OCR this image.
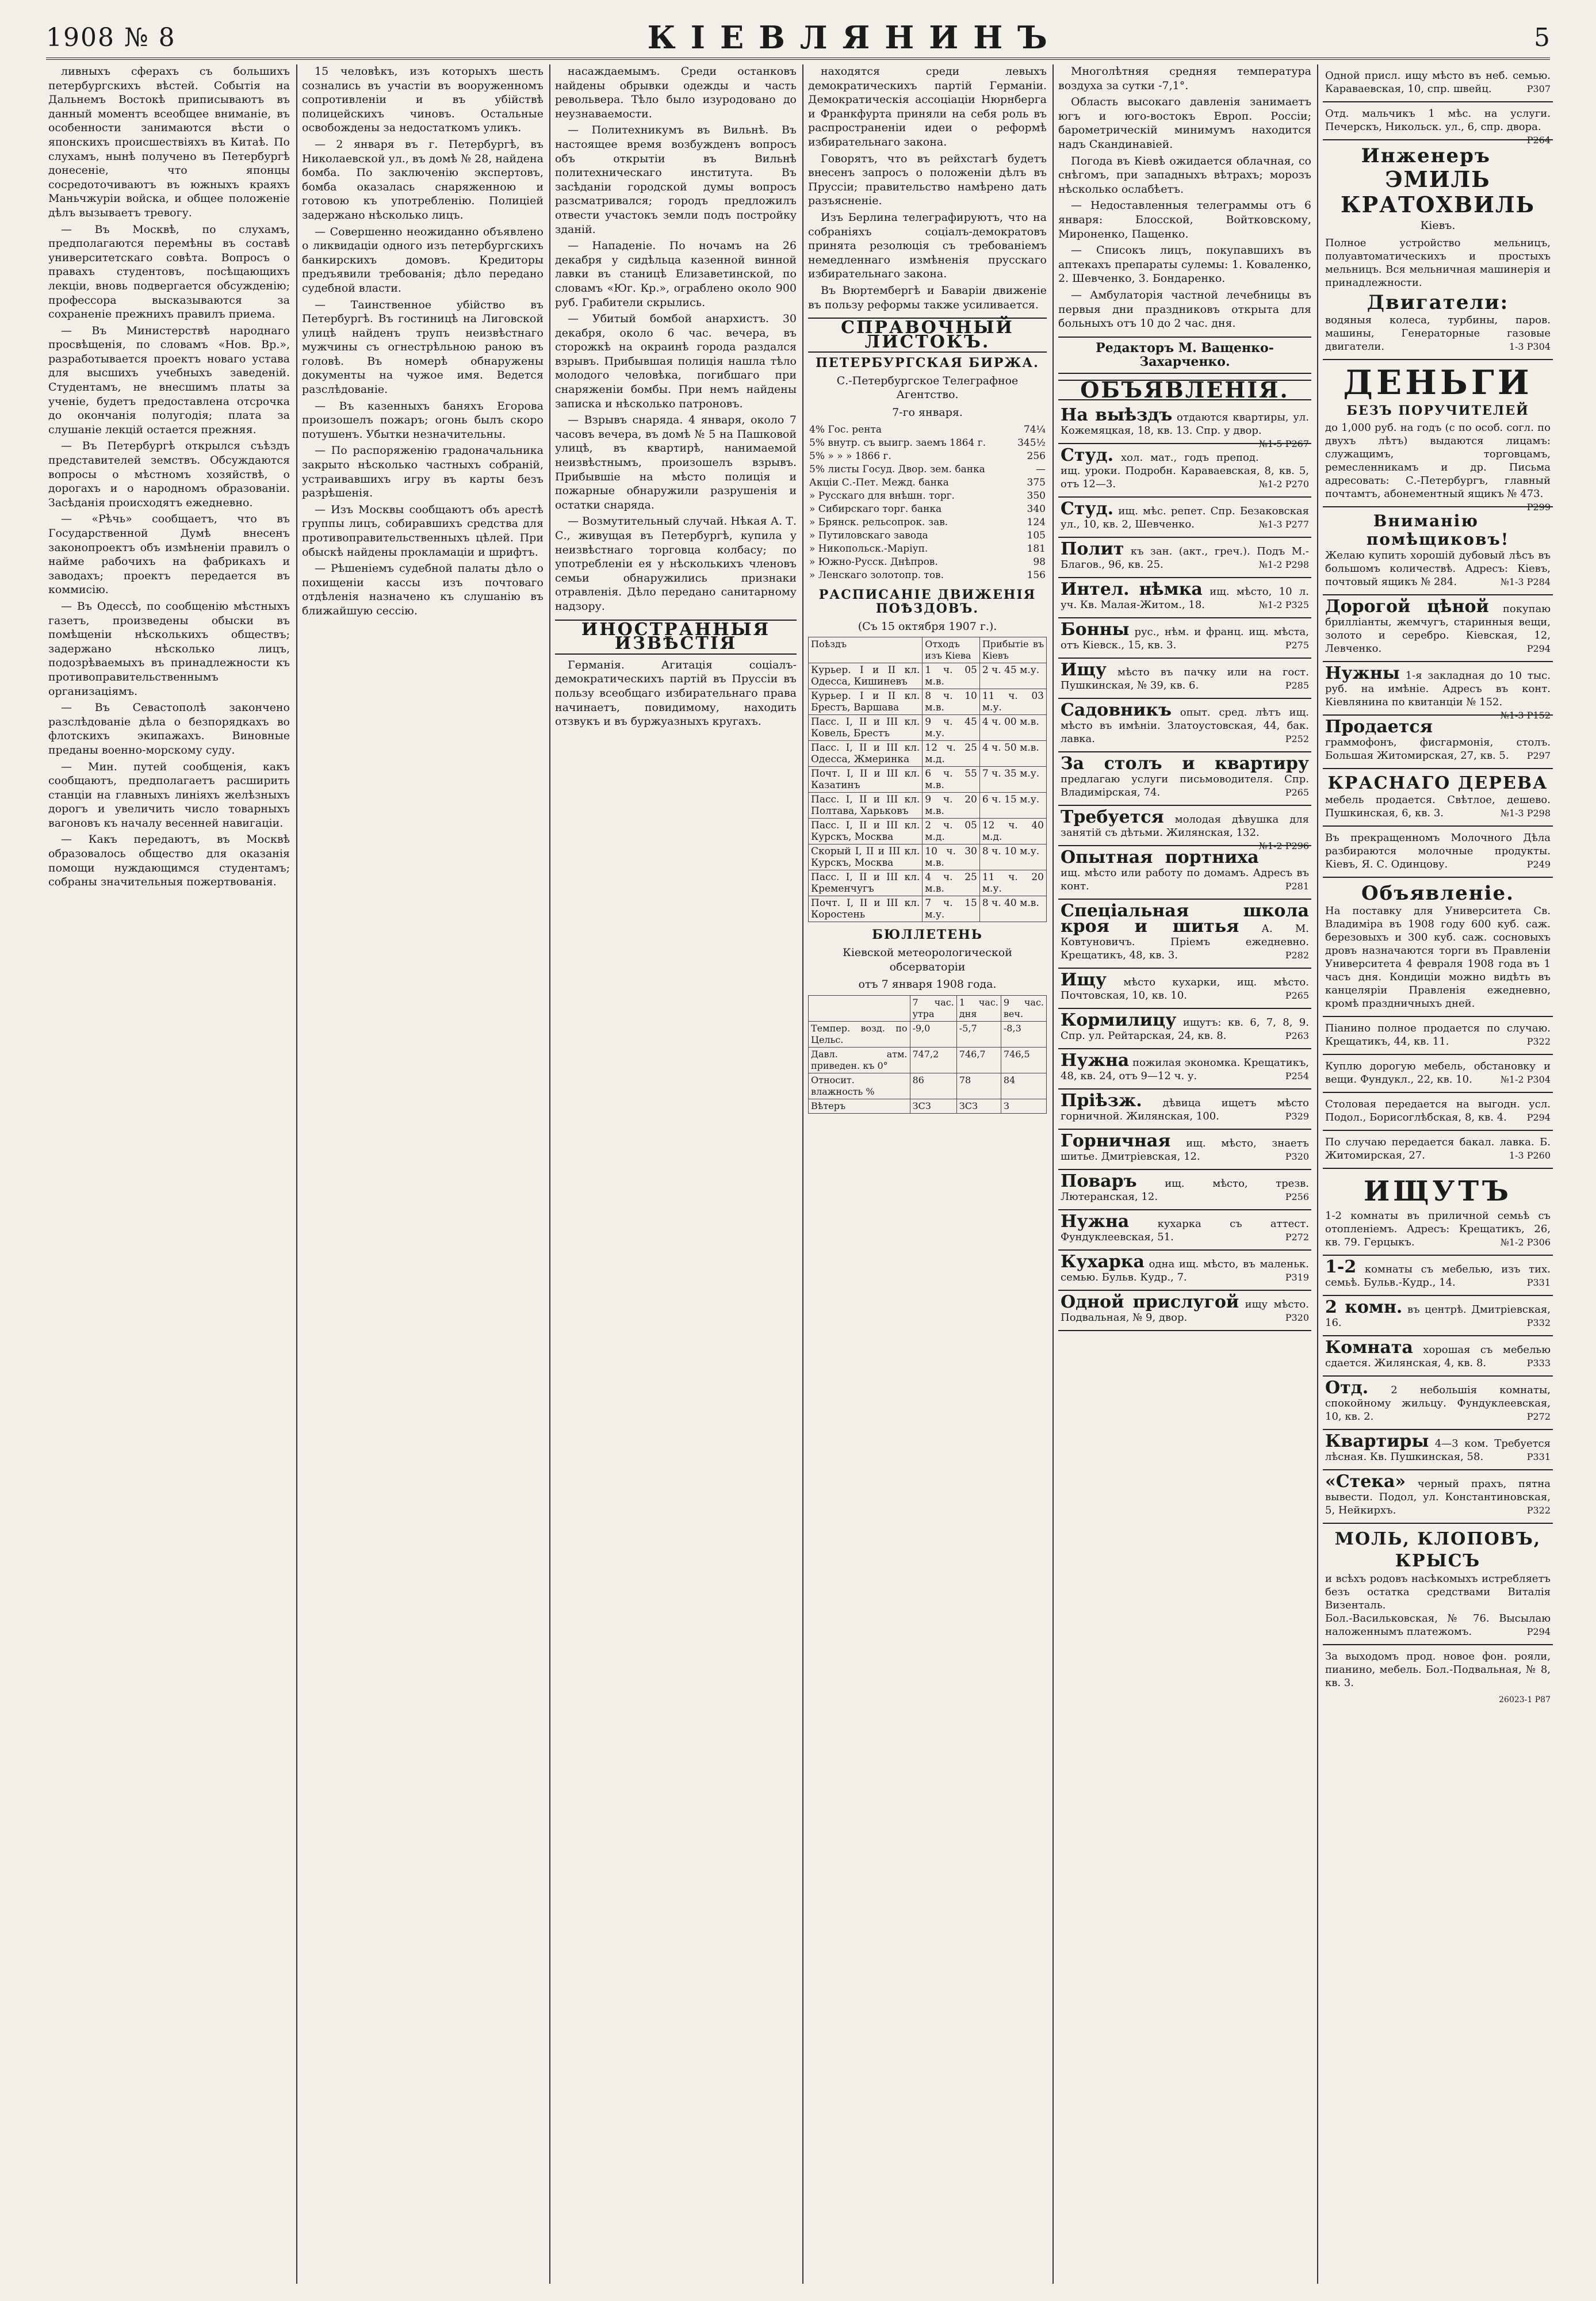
1908 № 8	КІЕВЛЯНИНЪ	5

ливныхъ сферахъ съ большихъ петербургскихъ вѣстей. Событія на Дальнемъ Востокѣ приписываютъ въ данный моментъ всеобщее вниманіе, въ особенности занимаются вѣсти о японскихъ происшествіяхъ въ Китаѣ. По слухамъ, нынѣ получено въ Петербургѣ донесеніе, что японцы сосредоточиваютъ въ южныхъ краяхъ Маньчжуріи войска, и общее положеніе дѣлъ вызываетъ тревогу.

— Въ Москвѣ, по слухамъ, предполагаются перемѣны въ составѣ университетскаго совѣта. Вопросъ о правахъ студентовъ, посѣщающихъ лекціи, вновь подвергается обсужденію; профессора высказываются за сохраненіе прежнихъ правилъ приема.

— Въ Министерствѣ народнаго просвѣщенія, по словамъ «Нов. Вр.», разработывается проектъ новаго устава для высшихъ учебныхъ заведеній. Студентамъ, не внесшимъ платы за ученіе, будетъ предоставлена отсрочка до окончанія полугодія; плата за слушаніе лекцій остается прежняя.

— Въ Петербургѣ открылся съѣздъ представителей земствъ. Обсуждаются вопросы о мѣстномъ хозяйствѣ, о дорогахъ и о народномъ образованіи. Засѣданія происходятъ ежедневно.

— «Рѣчь» сообщаетъ, что въ Государственной Думѣ внесенъ законопроектъ объ измѣненіи правилъ о найме рабочихъ на фабрикахъ и заводахъ; проектъ передается въ коммисію.

— Въ Одессѣ, по сообщенію мѣстныхъ газетъ, произведены обыски въ помѣщеніи нѣсколькихъ обществъ; задержано нѣсколько лицъ, подозрѣваемыхъ въ принадлежности къ противоправительственнымъ организаціямъ.

— Въ Севастополѣ закончено разслѣдованіе дѣла о безпорядкахъ во флотскихъ экипажахъ. Виновные преданы военно-морскому суду.

— Мин. путей сообщенія, какъ сообщаютъ, предполагаетъ расширить станціи на главныхъ линіяхъ желѣзныхъ дорогъ и увеличить число товарныхъ вагоновъ къ началу весенней навигаціи.

— Какъ передаютъ, въ Москвѣ образовалось общество для оказанія помощи нуждающимся студентамъ; собраны значительныя пожертвованія.

15 человѣкъ, изъ которыхъ шесть сознались въ участіи въ вооруженномъ сопротивленіи и въ убійствѣ полицейскихъ чиновъ. Остальные освобождены за недостаткомъ уликъ.

— 2 января въ г. Петербургѣ, въ Николаевской ул., въ домѣ № 28, найдена бомба. По заключенію экспертовъ, бомба оказалась снаряженною и готовою къ употребленію. Полиціей задержано нѣсколько лицъ.

— Совершенно неожиданно объявлено о ликвидаціи одного изъ петербургскихъ банкирскихъ домовъ. Кредиторы предъявили требованія; дѣло передано судебной власти.

— Таинственное убійство въ Петербургѣ. Въ гостиницѣ на Лиговской улицѣ найденъ трупъ неизвѣстнаго мужчины съ огнестрѣльною раною въ головѣ. Въ номерѣ обнаружены документы на чужое имя. Ведется разслѣдованіе.

— Въ казенныхъ баняхъ Егорова произошелъ пожаръ; огонь былъ скоро потушенъ. Убытки незначительны.

— По распоряженію градоначальника закрыто нѣсколько частныхъ собраній, устраивавшихъ игру въ карты безъ разрѣшенія.

— Изъ Москвы сообщаютъ объ арестѣ группы лицъ, собиравшихъ средства для противоправительственныхъ цѣлей. При обыскѣ найдены прокламаціи и шрифтъ.

— Рѣшеніемъ судебной палаты дѣло о похищеніи кассы изъ почтоваго отдѣленія назначено къ слушанію въ ближайшую сессію.

насаждаемымъ. Среди останковъ найдены обрывки одежды и часть револьвера. Тѣло было изуродовано до неузнаваемости.

— Политехникумъ въ Вильнѣ. Въ настоящее время возбужденъ вопросъ объ открытіи въ Вильнѣ политехническаго института. Въ засѣданіи городской думы вопросъ разсматривался; городъ предложилъ отвести участокъ земли подъ постройку зданій.

— Нападеніе. По ночамъ на 26 декабря у сидѣльца казенной винной лавки въ станицѣ Елизаветинской, по словамъ «Юг. Кр.», ограблено около 900 руб. Грабители скрылись.

— Убитый бомбой анархистъ. 30 декабря, около 6 час. вечера, въ сторожкѣ на окраинѣ города раздался взрывъ. Прибывшая полиція нашла тѣло молодого человѣка, погибшаго при снаряженіи бомбы. При немъ найдены записка и нѣсколько патроновъ.

— Взрывъ снаряда. 4 января, около 7 часовъ вечера, въ домѣ № 5 на Пашковой улицѣ, въ квартирѣ, нанимаемой неизвѣстнымъ, произошелъ взрывъ. Прибывшіе на мѣсто полиція и пожарные обнаружили разрушенія и остатки снаряда.

— Возмутительный случай. Нѣкая А. Т. С., живущая въ Петербургѣ, купила у неизвѣстнаго торговца колбасу; по употребленіи ея у нѣсколькихъ членовъ семьи обнаружились признаки отравленія. Дѣло передано санитарному надзору.

ИНОСТРАННЫЯ ИЗВѢСТІЯ

Германія. Агитація соціалъ-демократическихъ партій въ Пруссіи въ пользу всеобщаго избирательнаго права начинаетъ, повидимому, находить отзвукъ и въ буржуазныхъ кругахъ.

находятся среди левыхъ демократическихъ партій Германіи. Демократическія ассоціаціи Нюрнберга и Франкфурта приняли на себя роль въ распространеніи идеи о реформѣ избирательнаго закона.

Говорятъ, что въ рейхстагѣ будетъ внесенъ запросъ о положеніи дѣлъ въ Пруссіи; правительство намѣрено дать разъясненіе.

Изъ Берлина телеграфируютъ, что на собраніяхъ соціалъ-демократовъ принята резолюція съ требованіемъ немедленнаго измѣненія прусскаго избирательнаго закона.

Въ Вюртембергѣ и Баваріи движеніе въ пользу реформы также усиливается.

СПРАВОЧНЫЙ ЛИСТОКЪ.
ПЕТЕРБУРГСКАЯ БИРЖА.
С.-Петербургское Телеграфное Агентство.
7-го января.
4% Гос. рента	74¼
5% внутр. съ выигр. заемъ 1864 г.	345½
5% » » » 1866 г.	256
5% листы Госуд. Двор. зем. банка	—
Акціи С.-Пет. Межд. банка	375
» Русскаго для внѣшн. торг.	350
» Сибирскаго торг. банка	340
» Брянск. рельсопрок. зав.	124
» Путиловскаго завода	105
» Никопольск.-Маріуп.	181
» Южно-Русск. Днѣпров.	98
» Ленскаго золотопр. тов.	156
РАСПИСАНІЕ ДВИЖЕНІЯ ПОѢЗДОВЪ.
(Съ 15 октября 1907 г.).
Поѣздъ	Отходъ изъ Кіева	Прибытіе въ Кіевъ
Курьер. I и II кл. Одесса, Кишиневъ	1 ч. 05 м.в.	2 ч. 45 м.у.
Курьер. I и II кл. Брестъ, Варшава	8 ч. 10 м.в.	11 ч. 03 м.у.
Пасс. I, II и III кл. Ковель, Брестъ	9 ч. 45 м.у.	4 ч. 00 м.в.
Пасс. I, II и III кл. Одесса, Жмеринка	12 ч. 25 м.д.	4 ч. 50 м.в.
Почт. I, II и III кл. Казатинъ	6 ч. 55 м.в.	7 ч. 35 м.у.
Пасс. I, II и III кл. Полтава, Харьковъ	9 ч. 20 м.в.	6 ч. 15 м.у.
Пасс. I, II и III кл. Курскъ, Москва	2 ч. 05 м.д.	12 ч. 40 м.д.
Скорый I, II и III кл. Курскъ, Москва	10 ч. 30 м.в.	8 ч. 10 м.у.
Пасс. I, II и III кл. Кременчугъ	4 ч. 25 м.в.	11 ч. 20 м.у.
Почт. I, II и III кл. Коростень	7 ч. 15 м.у.	8 ч. 40 м.в.
БЮЛЛЕТЕНЬ
Кіевской метеорологической обсерваторіи
отъ 7 января 1908 года.
	7 час. утра	1 час. дня	9 час. веч.
Темпер. возд. по Цельс.	-9,0	-5,7	-8,3
Давл. атм. приведен. къ 0°	747,2	746,7	746,5
Относит. влажность %	86	78	84
Вѣтеръ	ЗСЗ	ЗСЗ	З

Многолѣтняя средняя температура воздуха за сутки -7,1°.

Область высокаго давленія занимаетъ югъ и юго-востокъ Европ. Россіи; барометрическій минимумъ находится надъ Скандинавіей.

Погода въ Кіевѣ ожидается облачная, со снѣгомъ, при западныхъ вѣтрахъ; морозъ нѣсколько ослабѣетъ.

— Недоставленныя телеграммы отъ 6 января: Блосской, Войтковскому, Мироненко, Пащенко.

— Списокъ лицъ, покупавшихъ въ аптекахъ препараты сулемы: 1. Коваленко, 2. Шевченко, 3. Бондаренко.

— Амбулаторія частной лечебницы въ первыя дни праздниковъ открыта для больныхъ отъ 10 до 2 час. дня.

Редакторъ М. Ващенко-Захарченко.
ОБЪЯВЛЕНІЯ.
На выѣздъ отдаются квартиры, ул. Кожемяцкая, 18, кв. 13. Спр. у двор.
№1-5 Р267
Студ. хол. мат., годъ препод. ищ. уроки. Подробн. Караваевская, 8, кв. 5, отъ 12—3.	№1-2 Р270
Студ. ищ. мѣс. репет. Спр. Безаковская ул., 10, кв. 2, Шевченко.	№1-3 Р277
Полит къ зан. (акт., греч.). Подъ М.-Благов., 96, кв. 25.	№1-2 Р298
Интел. нѣмка ищ. мѣсто, 10 л. уч. Кв. Малая-Житом., 18.	№1-2 Р325
Бонны рус., нѣм. и франц. ищ. мѣста, отъ Кіевск., 15, кв. 3.	Р275
Ищу мѣсто въ пачку или на гост. Пушкинская, № 39, кв. 6.	Р285
Садовникъ опыт. сред. лѣтъ ищ. мѣсто въ имѣніи. Златоустовская, 44, бак. лавка.	Р252
За столъ и квартиру предлагаю услуги письмоводителя. Спр. Владимірская, 74.	Р265
Требуется молодая дѣвушка для занятій съ дѣтьми. Жилянская, 132.
№1-2 Р296
Опытная портниха ищ. мѣсто или работу по домамъ. Адресъ въ конт.	Р281
Спеціальная школа кроя и шитья А. М. Ковтуновичъ. Пріемъ ежедневно. Крещатикъ, 48, кв. 3.	Р282
Ищу мѣсто кухарки, ищ. мѣсто. Почтовская, 10, кв. 10.	Р265
Кормилицу ищутъ: кв. 6, 7, 8, 9. Спр. ул. Рейтарская, 24, кв. 8.	Р263
Нужна пожилая экономка. Крещатикъ, 48, кв. 24, отъ 9—12 ч. у.	Р254
Пріѣзж. дѣвица ищетъ мѣсто горничной. Жилянская, 100.	Р329
Горничная ищ. мѣсто, знаетъ шитье. Дмитріевская, 12.	Р320
Поваръ	ищ. мѣсто, трезв. Лютеранская, 12.	Р256
Нужна	кухарка съ аттест. Фундуклеевская, 51.	Р272
Кухарка одна ищ. мѣсто, въ маленьк. семью. Бульв. Кудр., 7.	Р319
Одной прислугой ищу мѣсто. Подвальная, № 9, двор.	Р320
Одной присл. ищу мѣсто въ неб. семью. Караваевская, 10, спр. швейц.	Р307
Отд. мальчикъ 1 мѣс. на услуги. Печерскъ, Никольск. ул., 6, спр. двора.
Р264
Инженеръ
ЭМИЛЬ КРАТОХВИЛЬ
Кіевъ.
Полное устройство мельницъ, полуавтоматическихъ и простыхъ мельницъ. Вся мельничная машинерія и принадлежности.
Двигатели:
водяныя колеса, турбины, паров. машины, Генераторные газовые двигатели.	1-3 Р304
ДЕНЬГИ
БЕЗЪ ПОРУЧИТЕЛЕЙ
до 1,000 руб. на годъ (с по особ. согл. по двухъ лѣтъ) выдаются лицамъ: служащимъ, торговцамъ, ремесленникамъ и др. Письма адресовать: С.-Петербургъ, главный почтамтъ, абонементный ящикъ № 473.
Р299
Вниманію помѣщиковъ!
Желаю купить хорошій дубовый лѣсъ въ большомъ количествѣ. Адресъ: Кіевъ, почтовый ящикъ № 284.	№1-3 Р284
Дорогой цѣной покупаю брилліанты, жемчугъ, старинныя вещи, золото и серебро. Кіевская, 12, Левченко.	Р294
Нужны 1-я закладная до 10 тыс. руб. на имѣніе. Адресъ въ конт. Кіевлянина по квитанціи № 152.
№1-3 Р152
Продается граммофонъ, фисгармонія, столъ. Большая Житомирская, 27, кв. 5. Р297
КРАСНАГО ДЕРЕВА
мебель продается. Свѣтлое, дешево. Пушкинская, 6, кв. 3.	№1-3 Р298
Въ прекращенномъ Молочного Дѣла разбираются молочные продукты. Кіевъ, Я. С. Одинцову.	Р249
Объявленіе.
На поставку для Университета Св. Владиміра въ 1908 году 600 куб. саж. березовыхъ и 300 куб. саж. сосновыхъ дровъ назначаются торги въ Правленіи Университета 4 февраля 1908 года въ 1 часъ дня. Кондиціи можно видѣть въ канцеляріи Правленія ежедневно, кромѣ праздничныхъ дней.
Піанино полное продается по случаю. Крещатикъ, 44, кв. 11.	Р322
Куплю дорогую мебель, обстановку и вещи. Фундукл., 22, кв. 10.	№1-2 Р304
Столовая передается на выгодн. усл. Подол., Борисоглѣбская, 8, кв. 4. Р294
По случаю передается бакал. лавка. Б. Житомирская, 27.	1-3 Р260
ИЩУТЪ
1-2 комнаты въ приличной семьѣ съ отопленіемъ. Адресъ: Крещатикъ, 26, кв. 79. Герцыкъ.	№1-2 Р306
1-2 комнаты съ мебелью, изъ тих. семьѣ. Бульв.-Кудр., 14.	Р331
2 комн. въ центрѣ. Дмитріевская, 16.	Р332
Комната хорошая съ мебелью сдается. Жилянская, 4, кв. 8.	Р333
Отд. 2 небольшія комнаты, спокойному жильцу. Фундуклеевская, 10, кв. 2.	Р272
Квартиры 4—3 ком. Требуется лѣсная. Кв. Пушкинская, 58.	Р331
«Стека» черный прахъ, пятна вывести. Подол, ул. Константиновская, 5, Нейкирхъ.	Р322
МОЛЬ, КЛОПОВЪ, КРЫСЪ
и всѣхъ родовъ насѣкомыхъ истребляетъ безъ остатка средствами Виталія Визенталь.
Бол.-Васильковская, № 76. Высылаю наложеннымъ платежомъ.	Р294
За выходомъ прод. новое фон. рояли, пианино, мебель. Бол.-Подвальная, № 8, кв. 3.
26023-1 Р87
